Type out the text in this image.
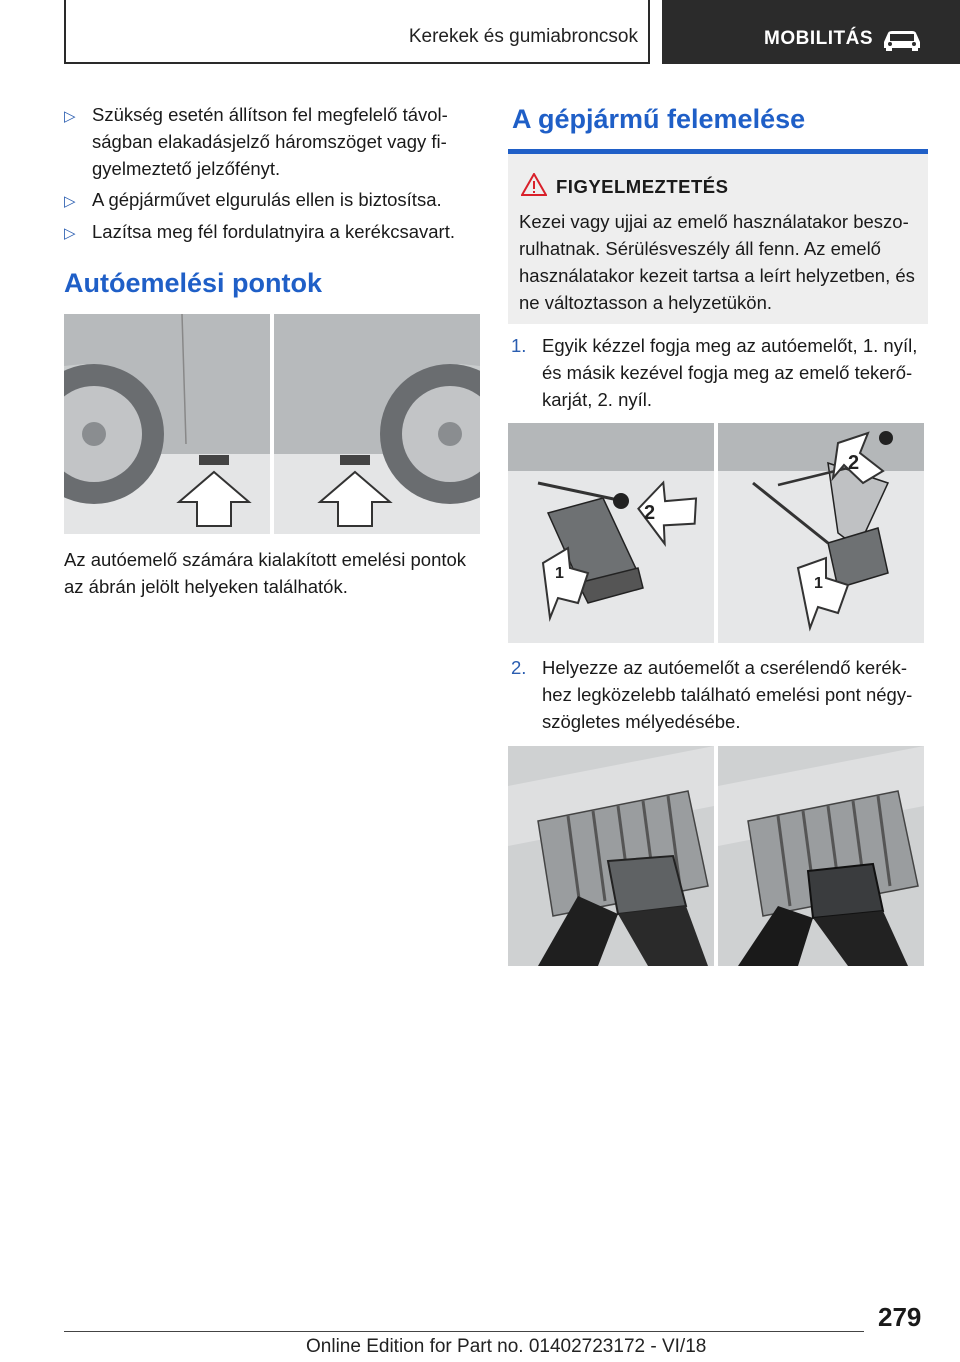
Kerekek és gumiabroncsok	MOBILITÁS
▷ Szükség esetén állítson fel megfelelő távolságban elakadásjelző háromszöget vagy figyelmeztető jelzőfényt.
▷ A gépjárművet elgurulás ellen is biztosítsa.
▷ Lazítsa meg fél fordulatnyira a kerékcsavart.
Autóemelési pontok
Az autóemelő számára kialakított emelési pontok az ábrán jelölt helyeken találhatók.
A gépjármű felemelése
FIGYELMEZTETÉS
Kezei vagy ujjai az emelő használatakor beszorulhatnak. Sérülésveszély áll fenn. Az emelő használatakor kezeit tartsa a leírt helyzetben, és ne változtasson a helyzetükön.
1. Egyik kézzel fogja meg az autóemelőt, 1. nyíl, és másik kezével fogja meg az emelő tekerőkarját, 2. nyíl.
2
1
2
1
2. Helyezze az autóemelőt a cserélendő kerékhez legközelebb található emelési pont négyszögletes mélyedésébe.
279
Online Edition for Part no. 01402723172 - VI/18
